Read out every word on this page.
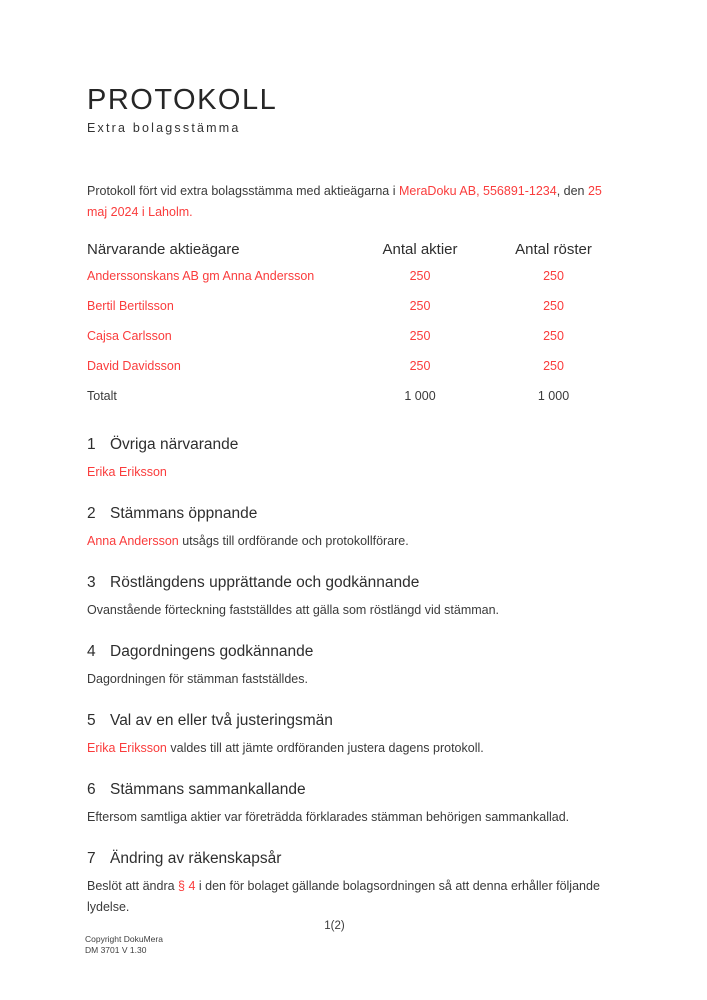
PROTOKOLL
Extra bolagsstämma

Protokoll fört vid extra bolagsstämma med aktieägarna i MeraDoku AB, 556891-1234, den 25 maj 2024 i Laholm.

Närvarande aktieägare	Antal aktier	Antal röster
Anderssonskans AB gm Anna Andersson	250	250
Bertil Bertilsson	250	250
Cajsa Carlsson	250	250
David Davidsson	250	250
Totalt	1 000	1 000
1 Övriga närvarande

Erika Eriksson

2 Stämmans öppnande

Anna Andersson utsågs till ordförande och protokollförare.

3 Röstlängdens upprättande och godkännande

Ovanstående förteckning fastställdes att gälla som röstlängd vid stämman.

4 Dagordningens godkännande

Dagordningen för stämman fastställdes.

5 Val av en eller två justeringsmän

Erika Eriksson valdes till att jämte ordföranden justera dagens protokoll.

6 Stämmans sammankallande

Eftersom samtliga aktier var företrädda förklarades stämman behörigen sammankallad.

7 Ändring av räkenskapsår

Beslöt att ändra § 4 i den för bolaget gällande bolagsordningen så att denna erhåller följande lydelse.

1(2)
Copyright DokuMera
DM 3701 V 1.30
